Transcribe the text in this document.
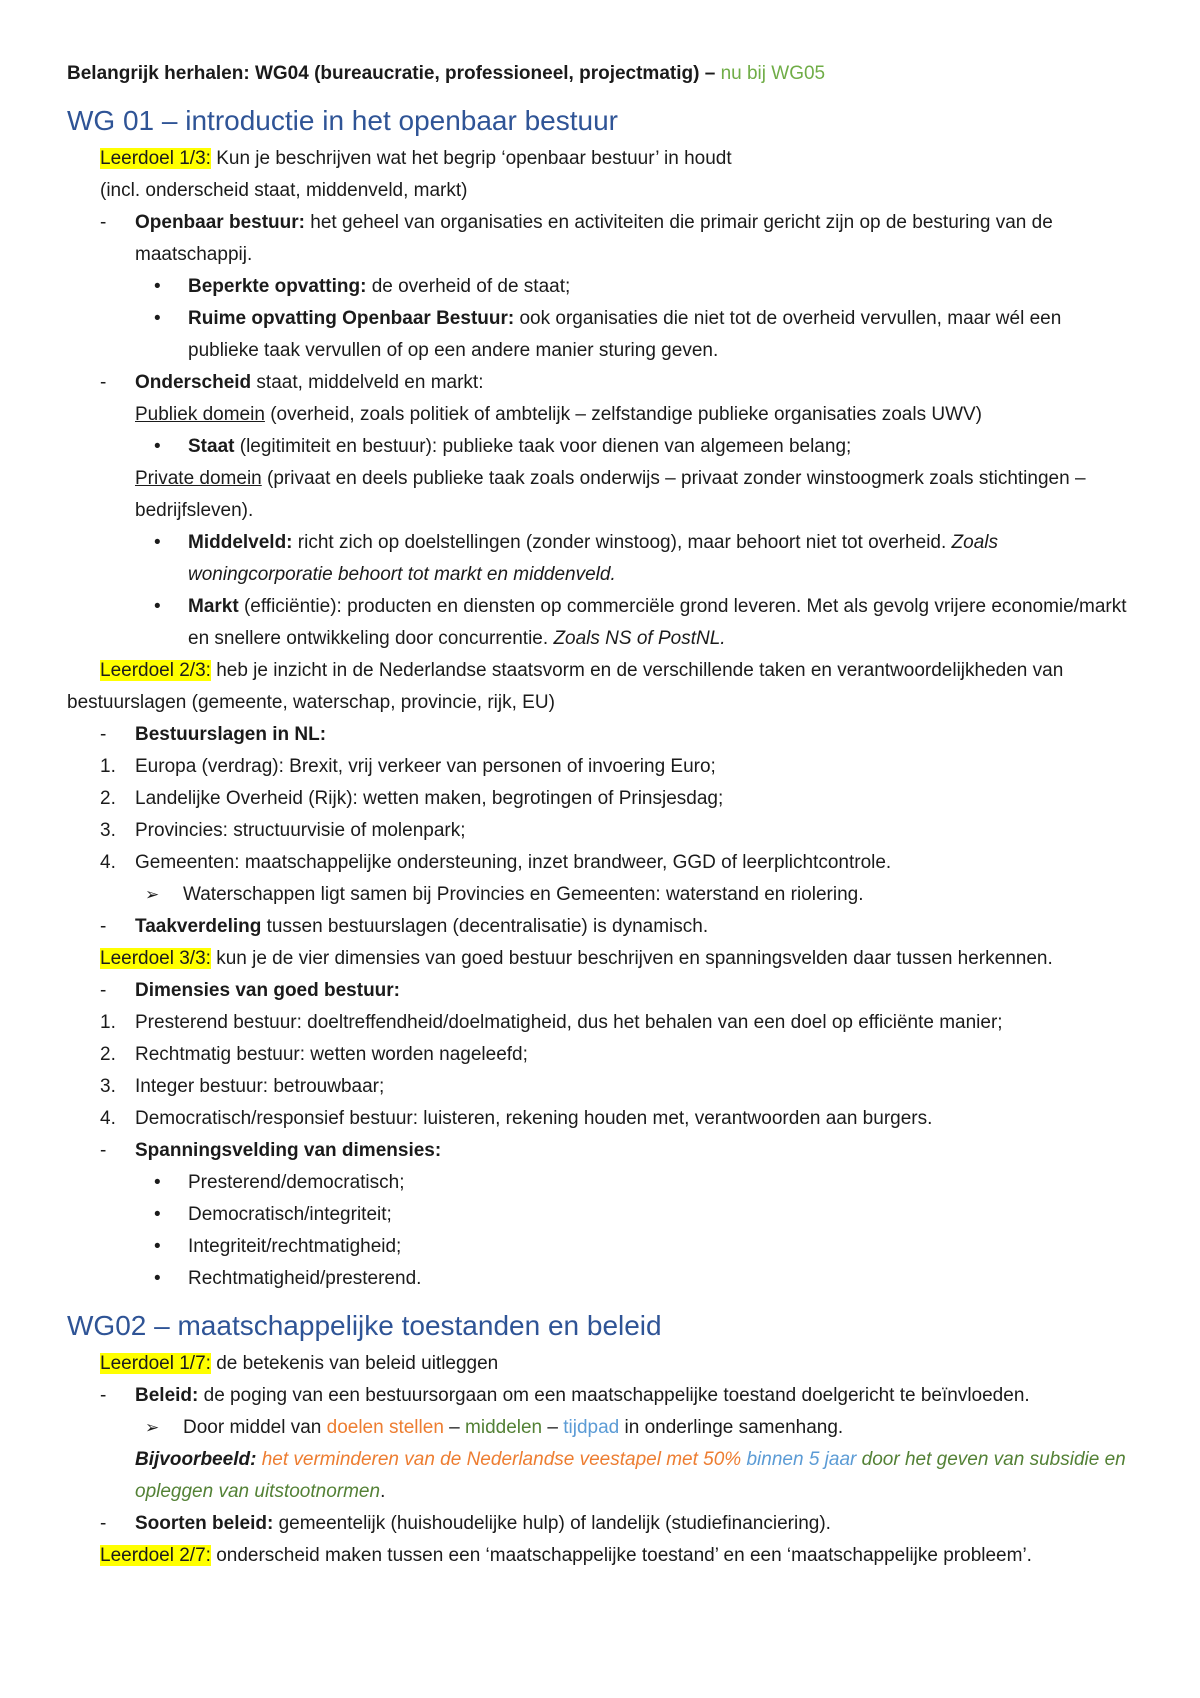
Belangrijk herhalen: WG04 (bureaucratie, professioneel, projectmatig) – nu bij WG05
WG 01 – introductie in het openbaar bestuur
Leerdoel 1/3: Kun je beschrijven wat het begrip ‘openbaar bestuur’ in houdt
(incl. onderscheid staat, middenveld, markt)
- Openbaar bestuur: het geheel van organisaties en activiteiten die primair gericht zijn op de besturing van de maatschappij.
• Beperkte opvatting: de overheid of de staat;
• Ruime opvatting Openbaar Bestuur: ook organisaties die niet tot de overheid vervullen, maar wél een publieke taak vervullen of op een andere manier sturing geven.
- Onderscheid staat, middelveld en markt:
Publiek domein (overheid, zoals politiek of ambtelijk – zelfstandige publieke organisaties zoals UWV)
• Staat (legitimiteit en bestuur): publieke taak voor dienen van algemeen belang;
Private domein (privaat en deels publieke taak zoals onderwijs – privaat zonder winstoogmerk zoals stichtingen – bedrijfsleven).
• Middelveld: richt zich op doelstellingen (zonder winstoog), maar behoort niet tot overheid. Zoals woningcorporatie behoort tot markt en middenveld.
• Markt (efficiëntie): producten en diensten op commerciële grond leveren. Met als gevolg vrijere economie/markt en snellere ontwikkeling door concurrentie. Zoals NS of PostNL.
Leerdoel 2/3: heb je inzicht in de Nederlandse staatsvorm en de verschillende taken en verantwoordelijkheden van bestuurslagen (gemeente, waterschap, provincie, rijk, EU)
- Bestuurslagen in NL:
1. Europa (verdrag): Brexit, vrij verkeer van personen of invoering Euro;
2. Landelijke Overheid (Rijk): wetten maken, begrotingen of Prinsjesdag;
3. Provincies: structuurvisie of molenpark;
4. Gemeenten: maatschappelijke ondersteuning, inzet brandweer, GGD of leerplichtcontrole.
➢ Waterschappen ligt samen bij Provincies en Gemeenten: waterstand en riolering.
- Taakverdeling tussen bestuurslagen (decentralisatie) is dynamisch.
Leerdoel 3/3: kun je de vier dimensies van goed bestuur beschrijven en spanningsvelden daar tussen herkennen.
- Dimensies van goed bestuur:
1. Presterend bestuur: doeltreffendheid/doelmatigheid, dus het behalen van een doel op efficiënte manier;
2. Rechtmatig bestuur: wetten worden nageleefd;
3. Integer bestuur: betrouwbaar;
4. Democratisch/responsief bestuur: luisteren, rekening houden met, verantwoorden aan burgers.
- Spanningsvelding van dimensies:
• Presterend/democratisch;
• Democratisch/integriteit;
• Integriteit/rechtmatigheid;
• Rechtmatigheid/presterend.
WG02 – maatschappelijke toestanden en beleid
Leerdoel 1/7: de betekenis van beleid uitleggen
- Beleid: de poging van een bestuursorgaan om een maatschappelijke toestand doelgericht te beïnvloeden.
➢ Door middel van doelen stellen – middelen – tijdpad in onderlinge samenhang.
Bijvoorbeeld: het verminderen van de Nederlandse veestapel met 50% binnen 5 jaar door het geven van subsidie en opleggen van uitstootnormen.
- Soorten beleid: gemeentelijk (huishoudelijke hulp) of landelijk (studiefinanciering).
Leerdoel 2/7: onderscheid maken tussen een ‘maatschappelijke toestand’ en een ‘maatschappelijke probleem’.
